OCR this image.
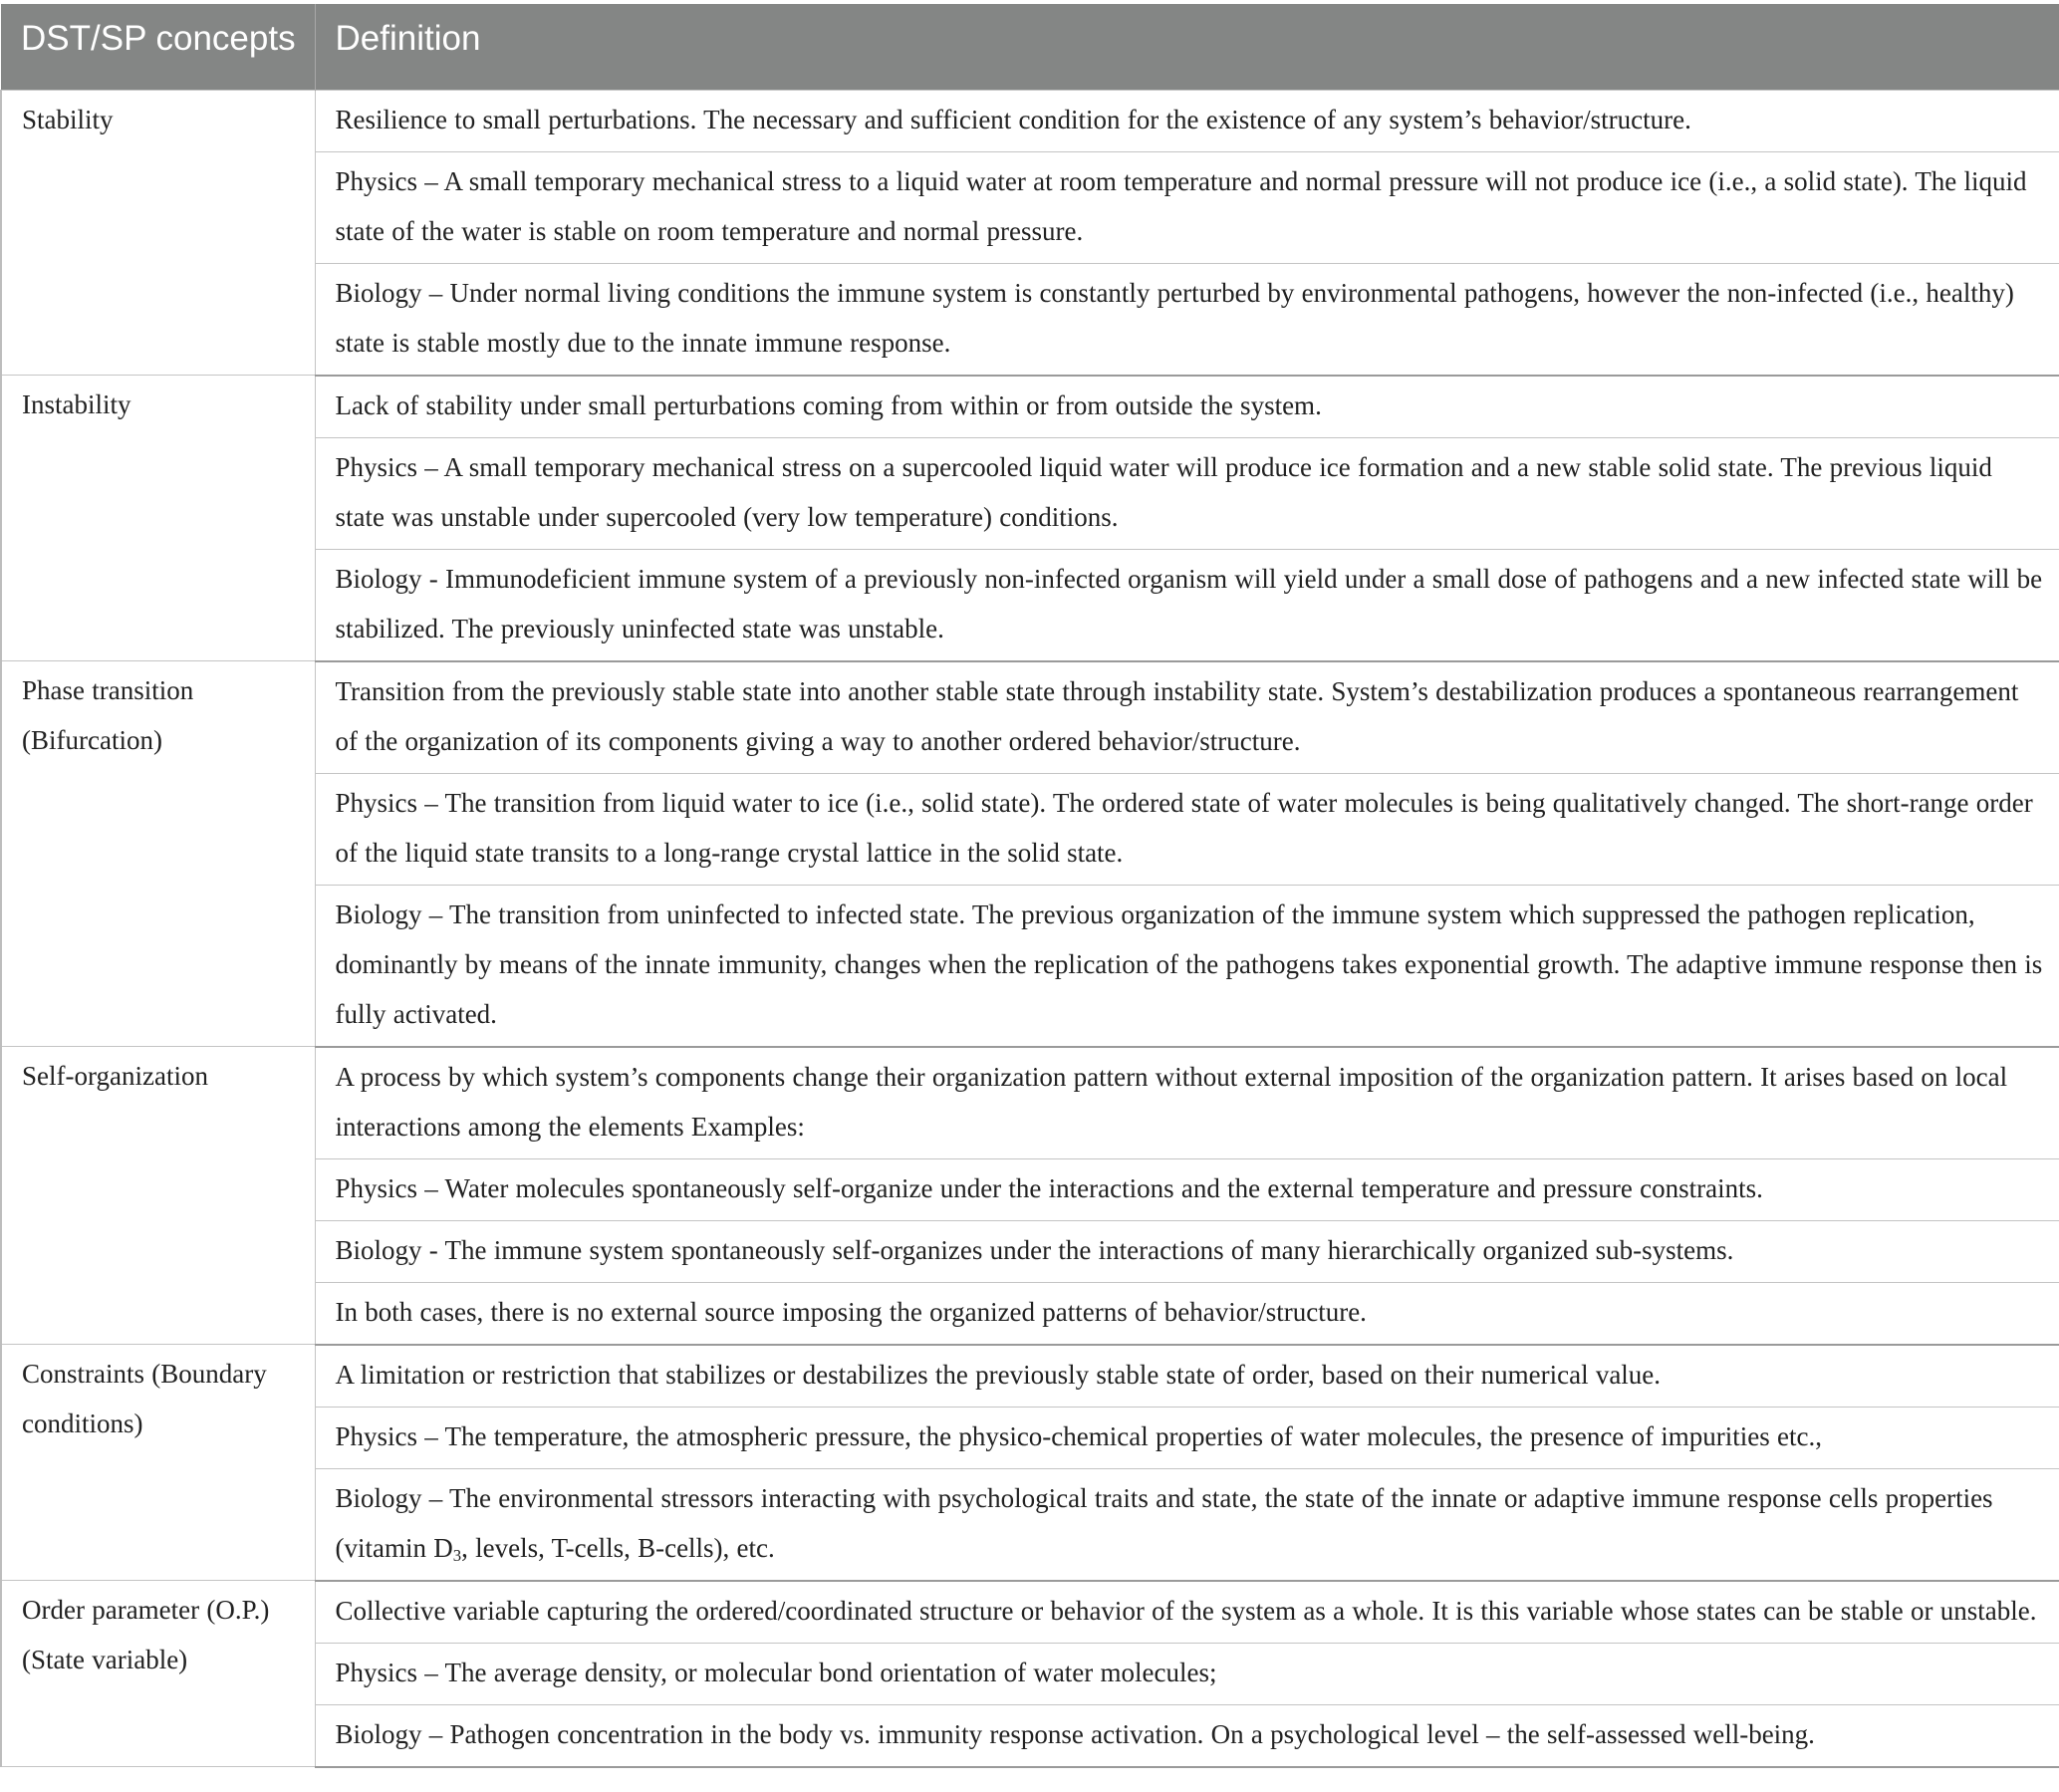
DST/SP concepts	Definition
Stability	Resilience to small perturbations. The necessary and sufficient condition for the existence of any system’s behavior/structure.
	Physics – A small temporary mechanical stress to a liquid water at room temperature and normal pressure will not produce ice (i.e., a solid state). The liquid state of the water is stable on room temperature and normal pressure.
	Biology – Under normal living conditions the immune system is constantly perturbed by environmental pathogens, however the non-infected (i.e., healthy) state is stable mostly due to the innate immune response.
Instability	Lack of stability under small perturbations coming from within or from outside the system.
	Physics – A small temporary mechanical stress on a supercooled liquid water will produce ice formation and a new stable solid state. The previous liquid state was unstable under supercooled (very low temperature) conditions.
	Biology - Immunodeficient immune system of a previously non-infected organism will yield under a small dose of pathogens and a new infected state will be stabilized. The previously uninfected state was unstable.
Phase transition (Bifurcation)	Transition from the previously stable state into another stable state through instability state. System’s destabilization produces a spontaneous rearrangement of the organization of its components giving a way to another ordered behavior/structure.
	Physics – The transition from liquid water to ice (i.e., solid state). The ordered state of water molecules is being qualitatively changed. The short-range order of the liquid state transits to a long-range crystal lattice in the solid state.
	Biology – The transition from uninfected to infected state. The previous organization of the immune system which suppressed the pathogen replication, dominantly by means of the innate immunity, changes when the replication of the pathogens takes exponential growth. The adaptive immune response then is fully activated.
Self-organization	A process by which system’s components change their organization pattern without external imposition of the organization pattern. It arises based on local interactions among the elements Examples:
	Physics – Water molecules spontaneously self-organize under the interactions and the external temperature and pressure constraints.
	Biology - The immune system spontaneously self-organizes under the interactions of many hierarchically organized sub-systems.
	In both cases, there is no external source imposing the organized patterns of behavior/structure.
Constraints (Boundary conditions)	A limitation or restriction that stabilizes or destabilizes the previously stable state of order, based on their numerical value.
	Physics – The temperature, the atmospheric pressure, the physico-chemical properties of water molecules, the presence of impurities etc.,
	Biology – The environmental stressors interacting with psychological traits and state, the state of the innate or adaptive immune response cells properties (vitamin $D_3$, levels, T-cells, B-cells), etc.
Order parameter (O.P.) (State variable)	Collective variable capturing the ordered/coordinated structure or behavior of the system as a whole. It is this variable whose states can be stable or unstable.
	Physics – The average density, or molecular bond orientation of water molecules;
	Biology – Pathogen concentration in the body vs. immunity response activation. On a psychological level – the self-assessed well-being.
